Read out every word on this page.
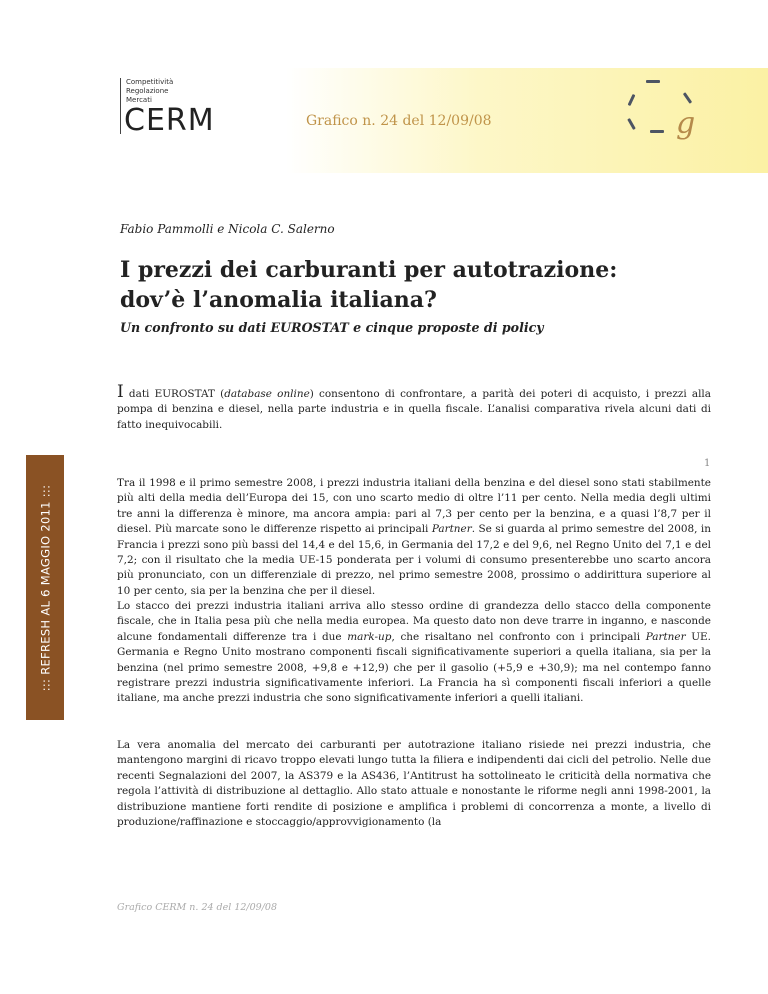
Competitività
Regolazione
Mercati
CERM	Grafico n. 24 del 12/09/08	g
::: REFRESH AL 6 MAGGIO 2011 :::
1
Fabio Pammolli e Nicola C. Salerno
I prezzi dei carburanti per autotrazione: dov’è l’anomalia italiana?
Un confronto su dati EUROSTAT e cinque proposte di policy

I dati EUROSTAT (database online) consentono di confrontare, a parità dei poteri di acquisto, i prezzi alla pompa di benzina e diesel, nella parte industria e in quella fiscale. L’analisi comparativa rivela alcuni dati di fatto inequivocabili.

Tra il 1998 e il primo semestre 2008, i prezzi industria italiani della benzina e del diesel sono stati stabilmente più alti della media dell’Europa dei 15, con uno scarto medio di oltre l’11 per cento. Nella media degli ultimi tre anni la differenza è minore, ma ancora ampia: pari al 7,3 per cento per la benzina, e a quasi l’8,7 per il diesel. Più marcate sono le differenze rispetto ai principali Partner. Se si guarda al primo semestre del 2008, in Francia i prezzi sono più bassi del 14,4 e del 15,6, in Germania del 17,2 e del 9,6, nel Regno Unito del 7,1 e del 7,2; con il risultato che la media UE-15 ponderata per i volumi di consumo presenterebbe uno scarto ancora più pronunciato, con un differenziale di prezzo, nel primo semestre 2008, prossimo o addirittura superiore al 10 per cento, sia per la benzina che per il diesel.

Lo stacco dei prezzi industria italiani arriva allo stesso ordine di grandezza dello stacco della componente fiscale, che in Italia pesa più che nella media europea. Ma questo dato non deve trarre in inganno, e nasconde alcune fondamentali differenze tra i due mark-up, che risaltano nel confronto con i principali Partner UE. Germania e Regno Unito mostrano componenti fiscali significativamente superiori a quella italiana, sia per la benzina (nel primo semestre 2008, +9,8 e +12,9) che per il gasolio (+5,9 e +30,9); ma nel contempo fanno registrare prezzi industria significativamente inferiori. La Francia ha sì componenti fiscali inferiori a quelle italiane, ma anche prezzi industria che sono significativamente inferiori a quelli italiani.

La vera anomalia del mercato dei carburanti per autotrazione italiano risiede nei prezzi industria, che mantengono margini di ricavo troppo elevati lungo tutta la filiera e indipendenti dai cicli del petrolio. Nelle due recenti Segnalazioni del 2007, la AS379 e la AS436, l’Antitrust ha sottolineato le criticità della normativa che regola l’attività di distribuzione al dettaglio. Allo stato attuale e nonostante le riforme negli anni 1998-2001, la distribuzione mantiene forti rendite di posizione e amplifica i problemi di concorrenza a monte, a livello di produzione/raffinazione e stoccaggio/approvvigionamento (la

Grafico CERM n. 24 del 12/09/08
